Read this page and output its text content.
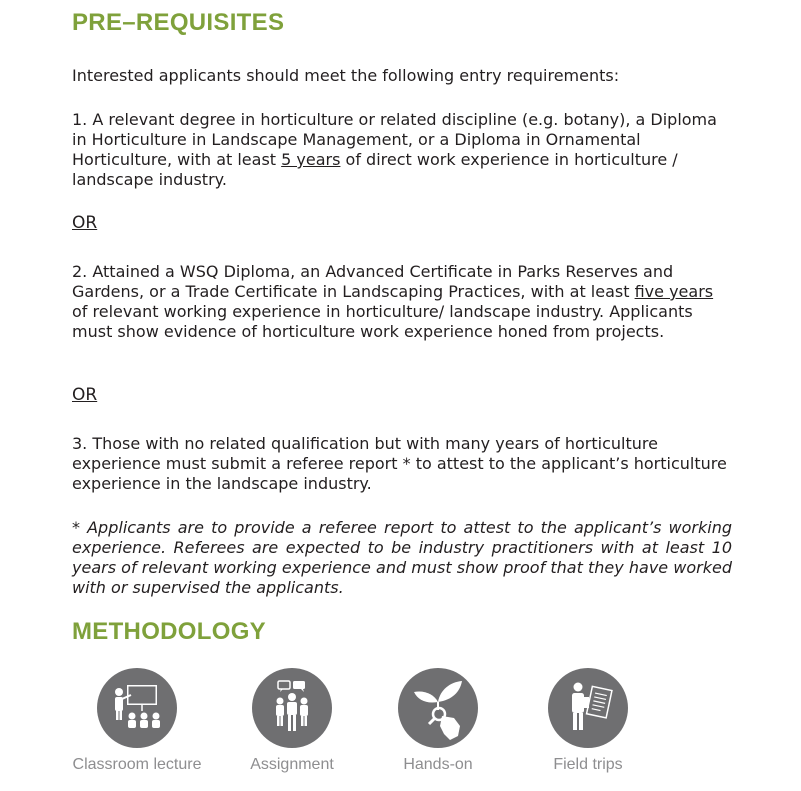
PRE–REQUISITES

Interested applicants should meet the following entry requirements:

1. A relevant degree in horticulture or related discipline (e.g. botany), a Diploma in Horticulture in Landscape Management, or a Diploma in Ornamental Horticulture, with at least 5 years of direct work experience in horticulture / landscape industry.

OR

2. Attained a WSQ Diploma, an Advanced Certificate in Parks Reserves and Gardens, or a Trade Certificate in Landscaping Practices, with at least five years of relevant working experience in horticulture/ landscape industry. Applicants must show evidence of horticulture work experience honed from projects.

OR

3. Those with no related qualification but with many years of horticulture experience must submit a referee report * to attest to the applicant’s horticulture experience in the landscape industry.

* Applicants are to provide a referee report to attest to the applicant’s working experience. Referees are expected to be industry practitioners with at least 10 years of relevant working experience and must show proof that they have worked with or supervised the applicants.

METHODOLOGY
Classroom lecture	Assignment	Hands-on	Field trips
